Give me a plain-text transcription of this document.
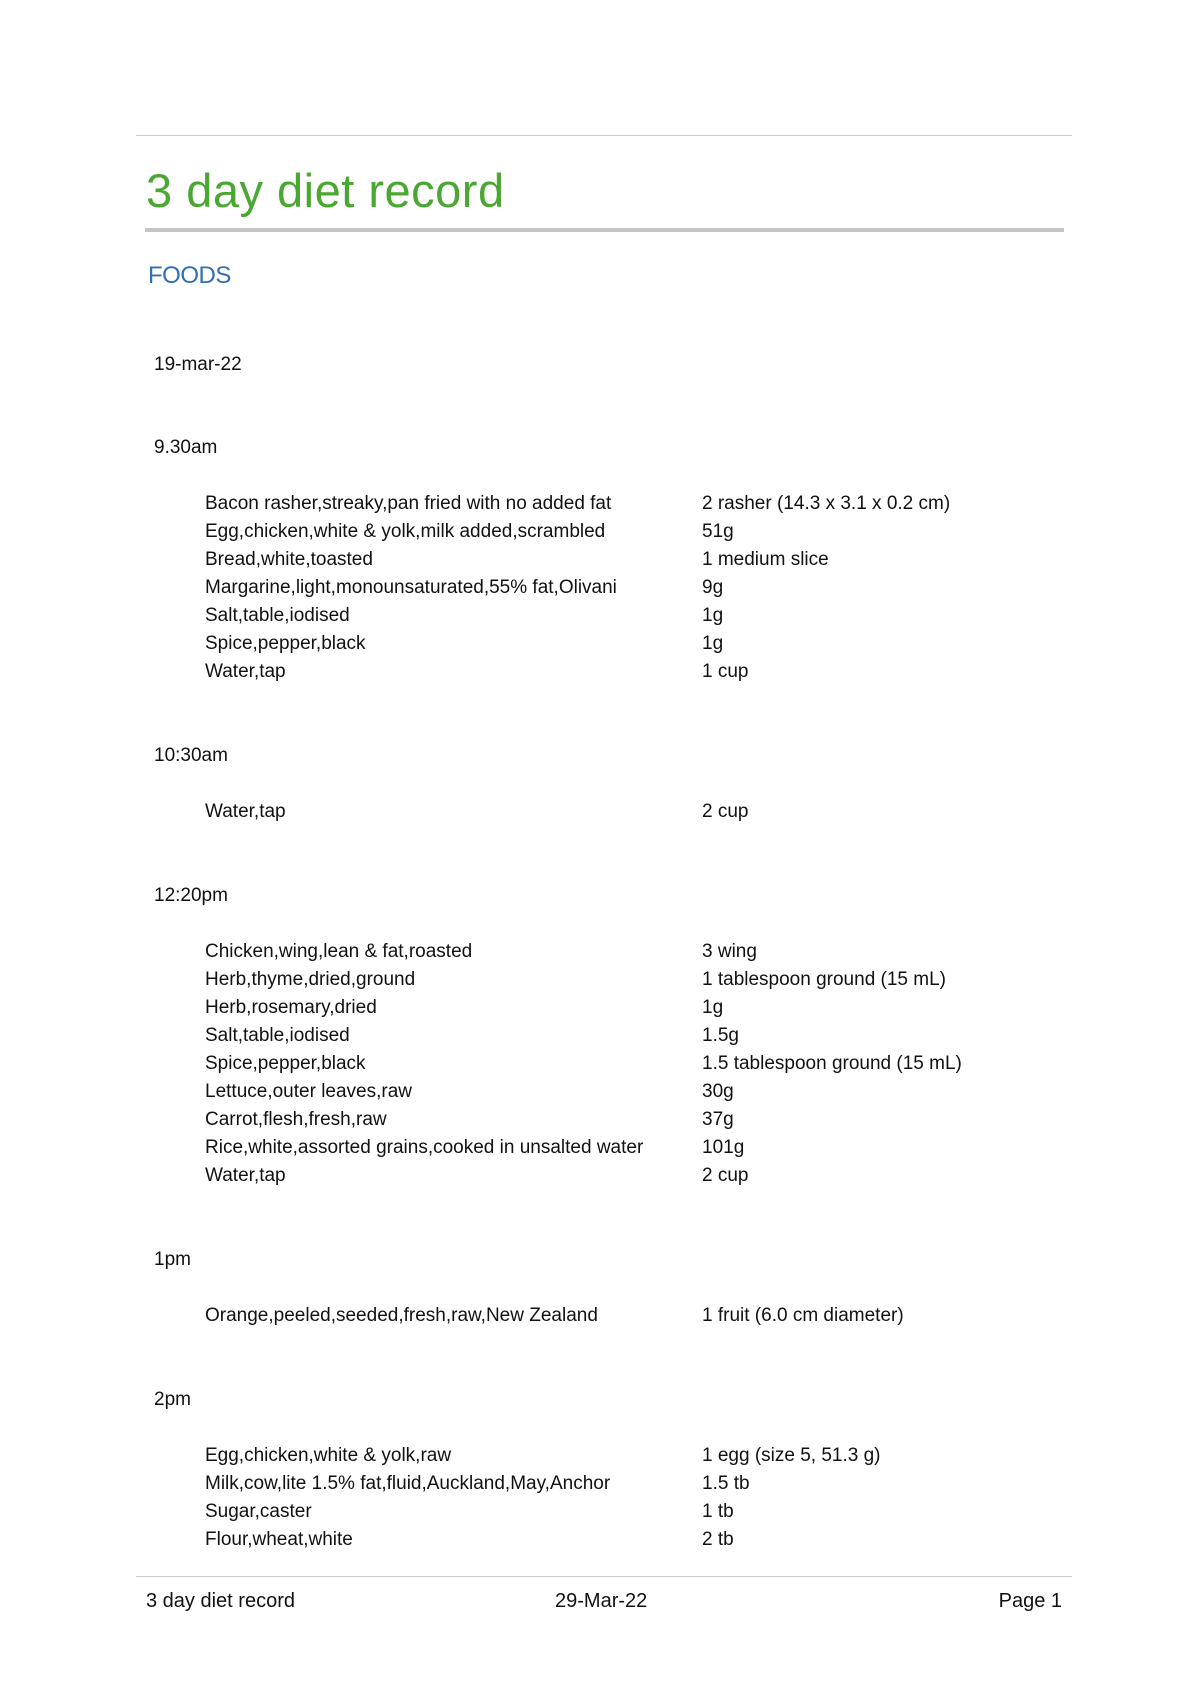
3 day diet record
FOODS
19-mar-22
9.30am
Bacon rasher,streaky,pan fried with no added fat	2 rasher (14.3 x 3.1 x 0.2 cm)
Egg,chicken,white & yolk,milk added,scrambled	51g
Bread,white,toasted	1 medium slice
Margarine,light,monounsaturated,55% fat,Olivani	9g
Salt,table,iodised	1g
Spice,pepper,black	1g
Water,tap	1 cup
10:30am
Water,tap	2 cup
12:20pm
Chicken,wing,lean & fat,roasted	3 wing
Herb,thyme,dried,ground	1 tablespoon ground (15 mL)
Herb,rosemary,dried	1g
Salt,table,iodised	1.5g
Spice,pepper,black	1.5 tablespoon ground (15 mL)
Lettuce,outer leaves,raw	30g
Carrot,flesh,fresh,raw	37g
Rice,white,assorted grains,cooked in unsalted water	101g
Water,tap	2 cup
1pm
Orange,peeled,seeded,fresh,raw,New Zealand	1 fruit (6.0 cm diameter)
2pm
Egg,chicken,white & yolk,raw	1 egg (size 5, 51.3 g)
Milk,cow,lite 1.5% fat,fluid,Auckland,May,Anchor	1.5 tb
Sugar,caster	1 tb
Flour,wheat,white	2 tb
3 day diet record	29-Mar-22	Page 1
